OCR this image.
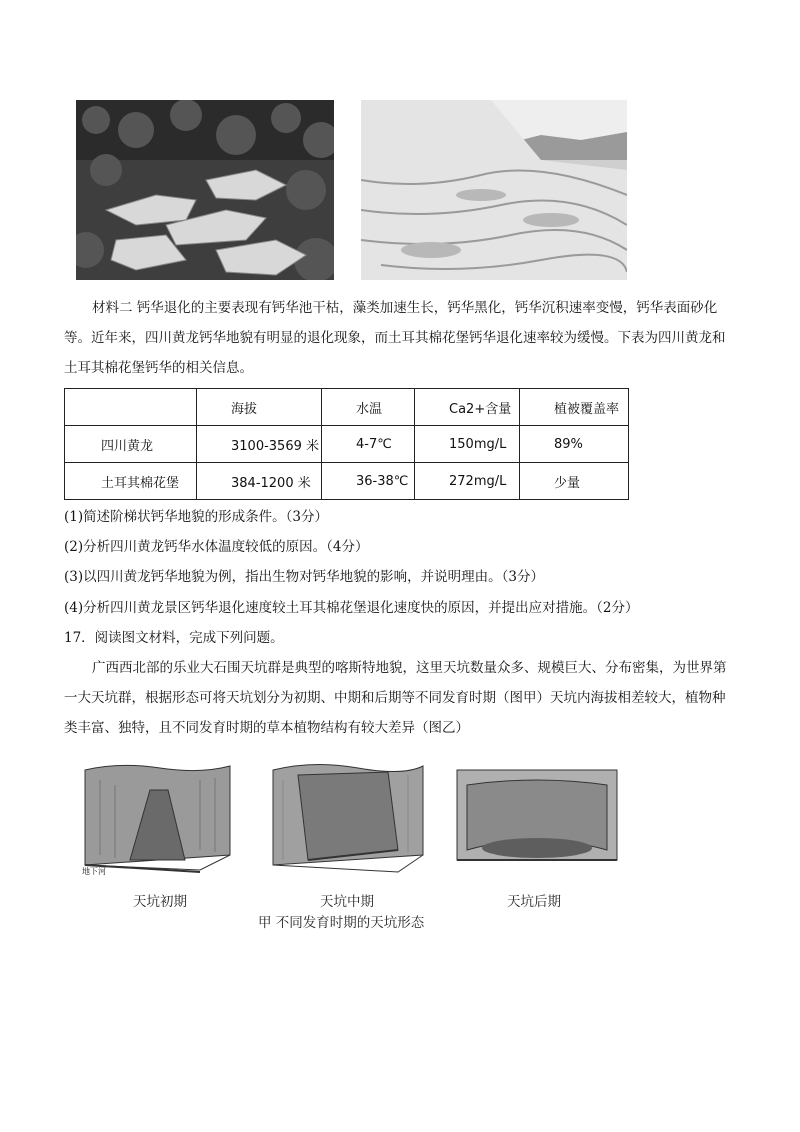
材料二 钙华退化的主要表现有钙华池干枯，藻类加速生长，钙华黑化，钙华沉积速率变慢，钙华表面砂化等。近年来，四川黄龙钙华地貌有明显的退化现象，而土耳其棉花堡钙华退化速率较为缓慢。下表为四川黄龙和土耳其棉花堡钙华的相关信息。
	海拔	水温	Ca2+含量	植被覆盖率
四川黄龙	3100-3569 米	4-7℃	150mg/L	89%
土耳其棉花堡	384-1200 米	36-38℃	272mg/L	少量
(1)简述阶梯状钙华地貌的形成条件。（3分）
(2)分析四川黄龙钙华水体温度较低的原因。（4分）
(3)以四川黄龙钙华地貌为例，指出生物对钙华地貌的影响，并说明理由。（3分）
(4)分析四川黄龙景区钙华退化速度较土耳其棉花堡退化速度快的原因，并提出应对措施。（2分）
17．阅读图文材料，完成下列问题。
广西西北部的乐业大石围天坑群是典型的喀斯特地貌，这里天坑数量众多、规模巨大、分布密集，为世界第一大天坑群，根据形态可将天坑划分为初期、中期和后期等不同发育时期（图甲）天坑内海拔相差较大，植物种类丰富、独特，且不同发育时期的草本植物结构有较大差异（图乙）
地下河
天坑初期	天坑中期	天坑后期
甲 不同发育时期的天坑形态
